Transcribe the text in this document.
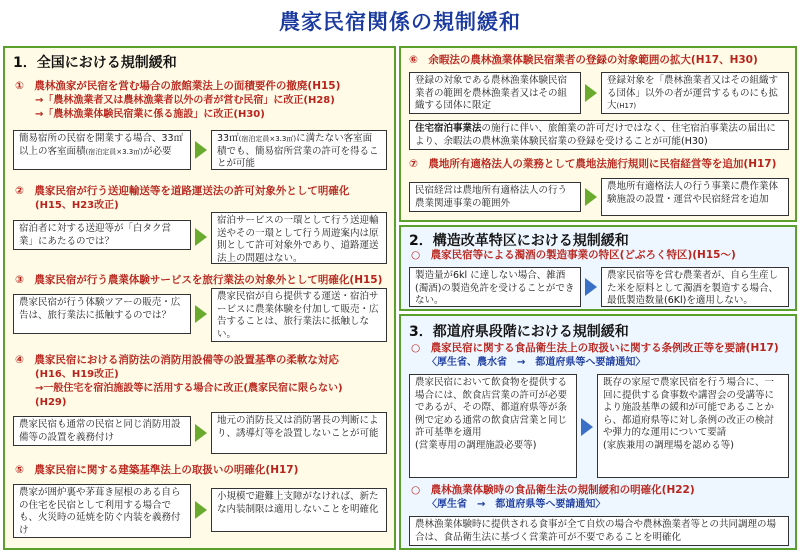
農家民宿関係の規制緩和
1．全国における規制緩和
①　農林漁家が民宿を営む場合の旅館業法上の面積要件の撤廃(H15)
→「農林漁業者又は農林漁業者以外の者が営む民宿」に改正(H28)
→「農林漁業体験民宿業に係る施設」に改正(H30)
簡易宿所の民宿を開業する場合、33㎡以上の客室面積(宿泊定員×3.3㎡)が必要
33㎡(宿泊定員×3.3㎡)に満たない客室面積でも、簡易宿所営業の許可を得ることが可能
②　農家民宿が行う送迎輸送等を道路運送法の許可対象外として明確化
(H15、H23改正)
宿泊者に対する送迎等が「白タク営業」にあたるのでは？
宿泊サービスの一環として行う送迎輸送やその一環として行う周遊案内は原則として許可対象外であり、道路運送法上の問題はない。
③　農家民宿が行う農業体験サービスを旅行業法の対象外として明確化(H15)
農家民宿が行う体験ツアーの販売・広告は、旅行業法に抵触するのでは？
農家民宿が自ら提供する運送・宿泊サービスに農業体験を付加して販売・広告することは、旅行業法に抵触しない。
④　農家民宿における消防法の消防用設備等の設置基準の柔軟な対応
(H16、H19改正)
→一般住宅を宿泊施設等に活用する場合に改正(農家民宿に限らない)
(H29)
農家民宿も通常の民宿と同じ消防用設備等の設置を義務付け
地元の消防長又は消防署長の判断により、誘導灯等を設置しないことが可能
⑤　農家民宿に関する建築基準法上の取扱いの明確化(H17)
農家が囲炉裏や茅葺き屋根のある自らの住宅を民宿として利用する場合でも、火災時の延焼を防ぐ内装を義務付け
小規模で避難上支障がなければ、新たな内装制限は適用しないことを明確化
⑥　余暇法の農林漁業体験民宿業者の登録の対象範囲の拡大(H17、H30)
登録の対象である農林漁業体験民宿業者の範囲を農林漁業者又はその組織する団体に限定
登録対象を「農林漁業者又はその組織する団体」以外の者が運営するものにも拡大(H17)
住宅宿泊事業法の施行に伴い、旅館業の許可だけではなく、住宅宿泊事業法の届出により、余暇法の農林漁業体験民宿業の登録を受けることが可能(H30)
⑦　農地所有適格法人の業務として農地法施行規則に民宿経営等を追加(H17)
民宿経営は農地所有適格法人の行う農業関連事業の範囲外
農地所有適格法人の行う事業に農作業体験施設の設置・運営や民宿経営を追加
2．構造改革特区における規制緩和
○　農家民宿等による濁酒の製造事業の特区(どぶろく特区)(H15～)
製造量が6kl に達しない場合、雑酒(濁酒)の製造免許を受けることができない。
農家民宿等を営む農業者が、自ら生産した米を原料として濁酒を製造する場合、最低製造数量(6Kl)を適用しない。
3．都道府県段階における規制緩和
○　農家民宿に関する食品衛生法上の取扱いに関する条例改正等を要請(H17)
〈厚生省、農水省　→　都道府県等へ要請通知〉
農家民宿において飲食物を提供する場合には、飲食店営業の許可が必要であるが、その際、都道府県等が条例で定める通常の飲食店営業と同じ許可基準を適用
(営業専用の調理施設必要等)
既存の家屋で農家民宿を行う場合に、一回に提供する食事数や講習会の受講等により施設基準の緩和が可能であることから、都道府県等に対し条例の改正の検討や弾力的な運用について要請
(家族兼用の調理場を認める等)
○　農林漁業体験時の食品衛生法の規制緩和の明確化(H22)
〈厚生省　→　都道府県等へ要請通知〉
農林漁業体験時に提供される食事が全て自炊の場合や農林漁業者等との共同調理の場合は、食品衛生法に基づく営業許可が不要であることを明確化
